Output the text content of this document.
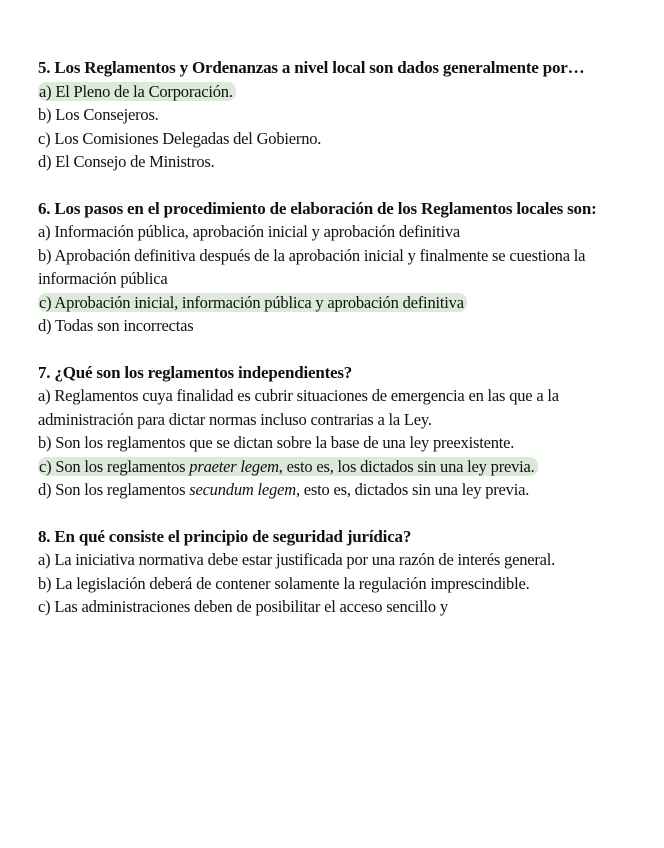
5. Los Reglamentos y Ordenanzas a nivel local son dados generalmente por…

a) El Pleno de la Corporación.

b) Los Consejeros.

c) Los Comisiones Delegadas del Gobierno.

d) El Consejo de Ministros.

6. Los pasos en el procedimiento de elaboración de los Reglamentos locales son:

a) Información pública, aprobación inicial y aprobación definitiva

b) Aprobación definitiva después de la aprobación inicial y finalmente se cuestiona la información pública

c) Aprobación inicial, información pública y aprobación definitiva

d) Todas son incorrectas

7. ¿Qué son los reglamentos independientes?

a) Reglamentos cuya finalidad es cubrir situaciones de emergencia en las que a la administración para dictar normas incluso contrarias a la Ley.

b) Son los reglamentos que se dictan sobre la base de una ley preexistente.

c) Son los reglamentos praeter legem, esto es, los dictados sin una ley previa.

d) Son los reglamentos secundum legem, esto es, dictados sin una ley previa.

8. En qué consiste el principio de seguridad jurídica?

a) La iniciativa normativa debe estar justificada por una razón de interés general.

b) La legislación deberá de contener solamente la regulación imprescindible.

c) Las administraciones deben de posibilitar el acceso sencillo y
